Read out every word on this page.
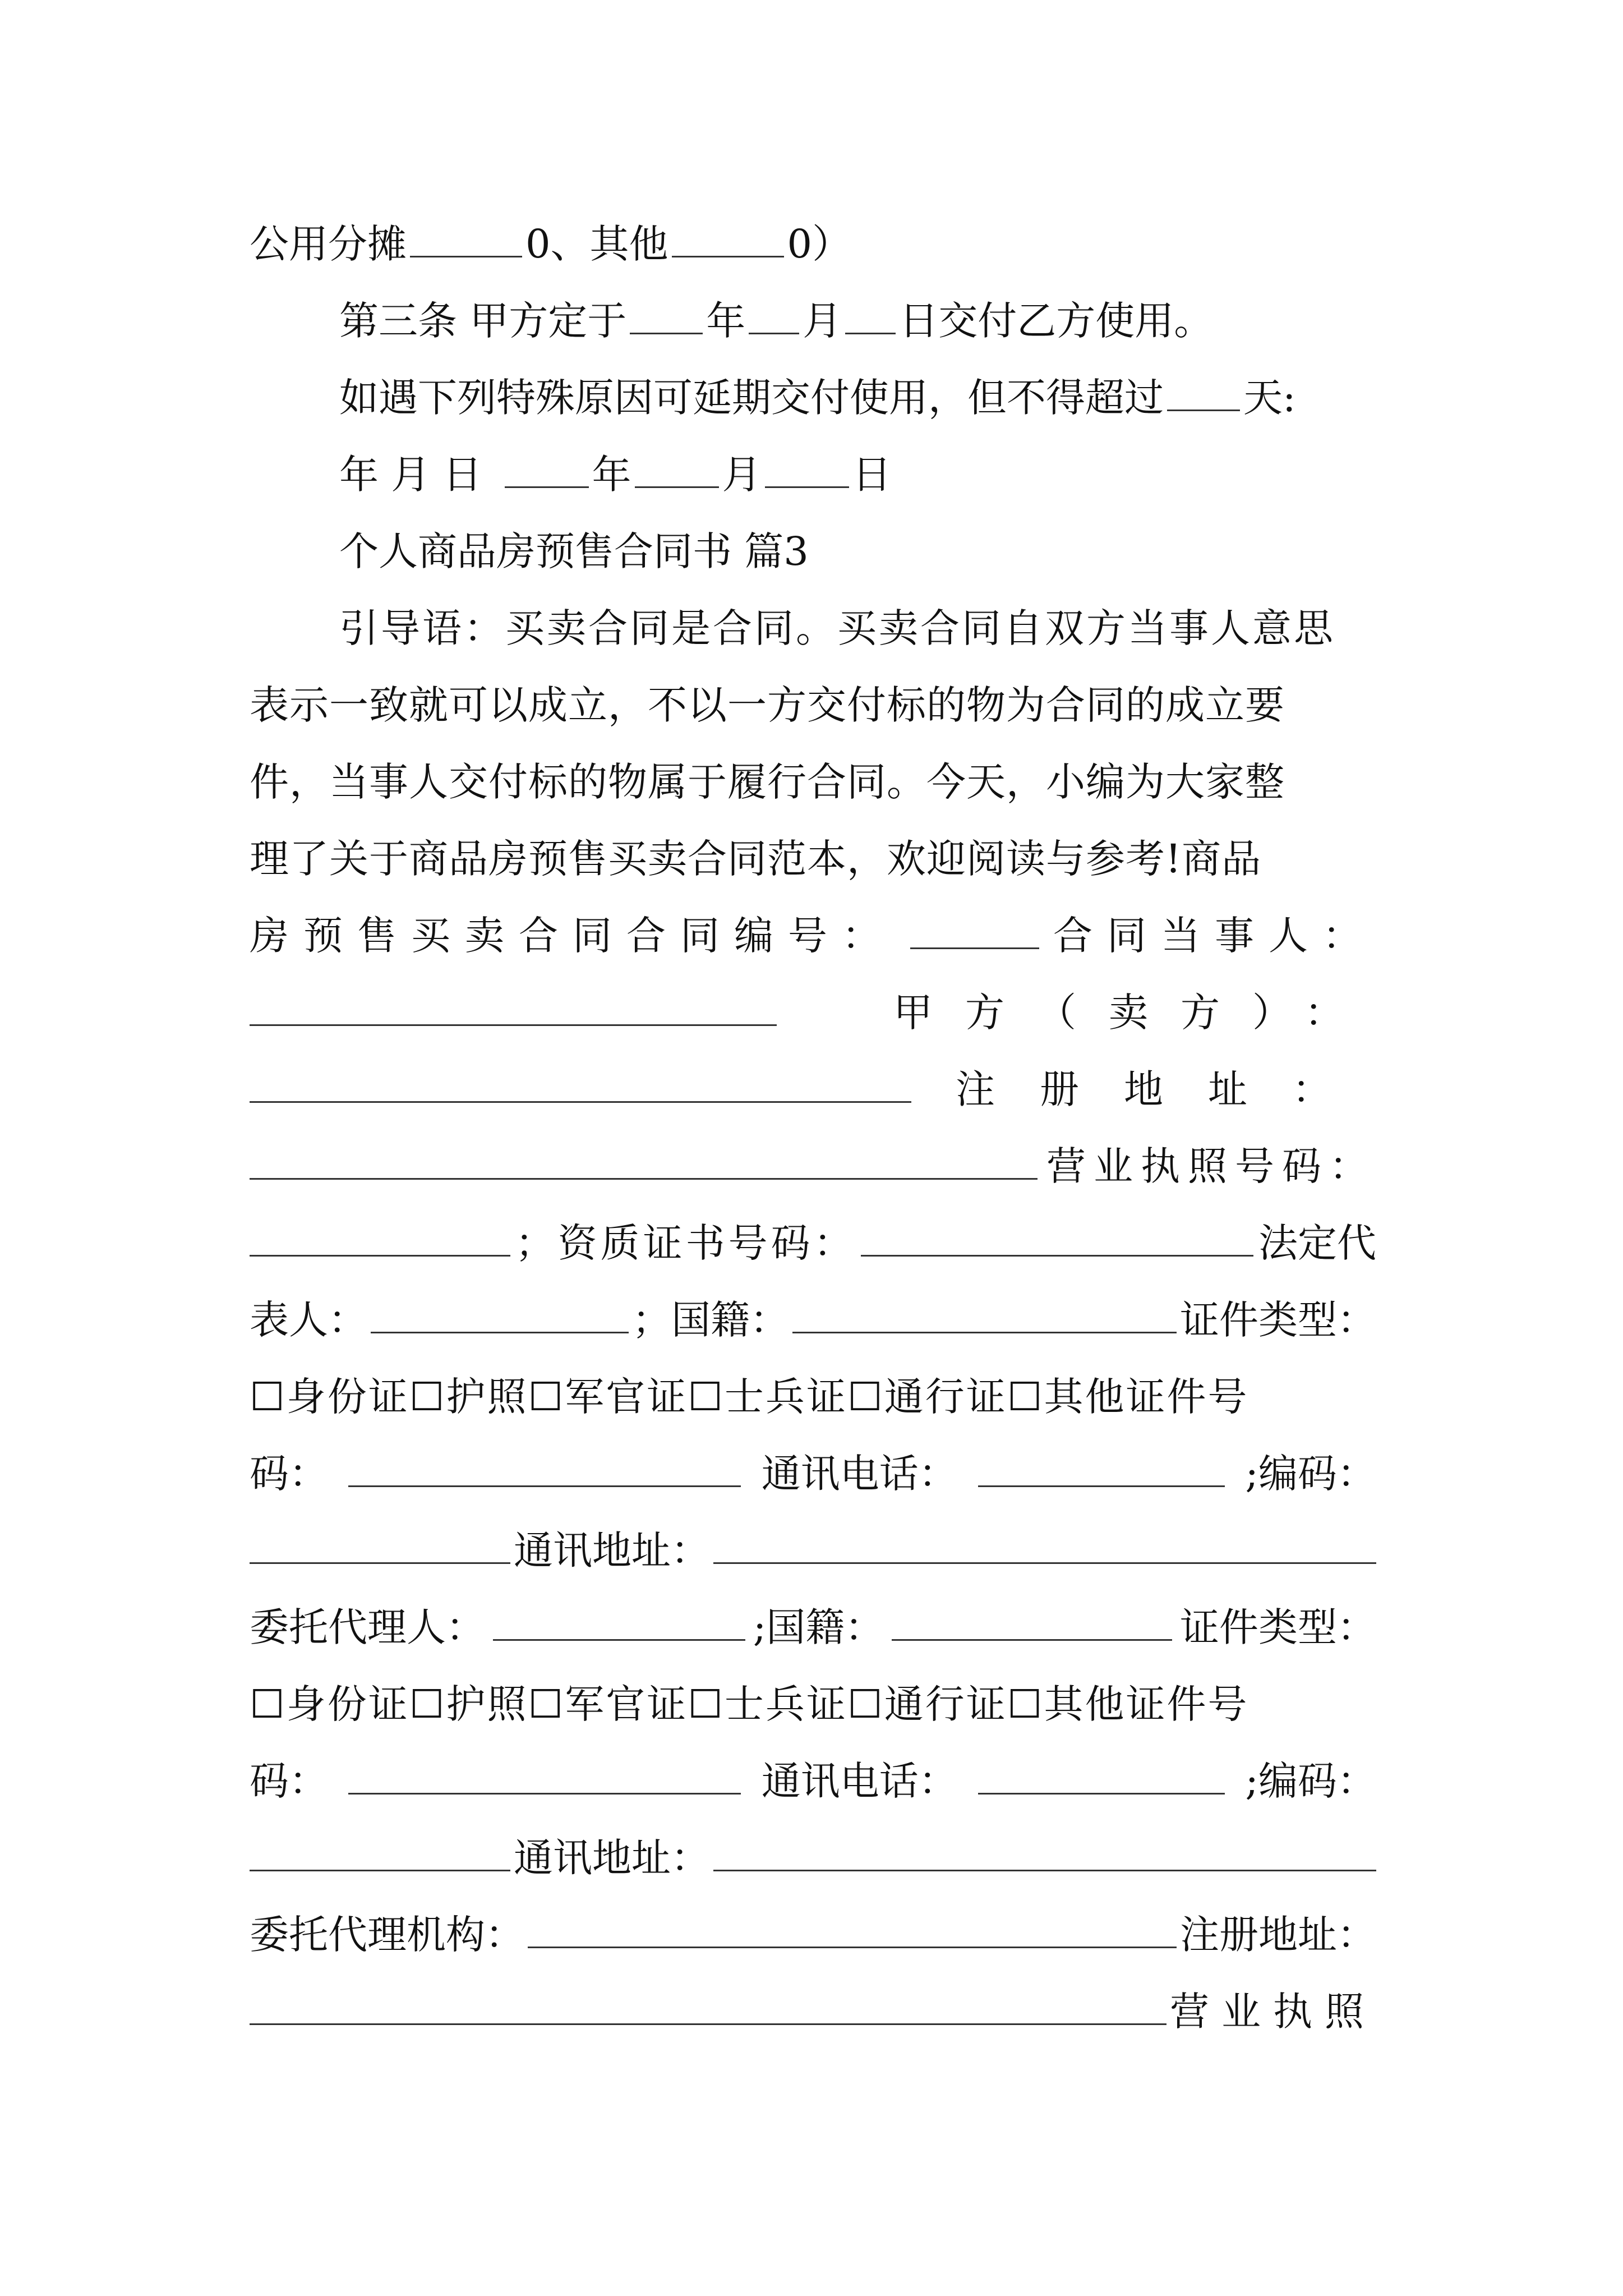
公用分摊	0、其他	0）
第三条 甲方定于 年 月 日交付乙方使用。
如遇下列特殊原因可延期交付使用，但不得超过 天:
年 月 日	年 月 日
个人商品房预售合同书 篇3
引导语：买卖合同是合同。买卖合同自双方当事人意思
表示一致就可以成立，不以一方交付标的物为合同的成立要
件，当事人交付标的物属于履行合同。今天，小编为大家整
理了关于商品房预售买卖合同范本，欢迎阅读与参考!商品
房预售买卖合同合同编号：	合同当事人：
甲方（卖方）：
注册地址：
营业执照号码：
；资质证书号码：	法定代
表人：	；国籍：	证件类型：
☐身份证☐护照☐军官证☐士兵证☐通行证☐其他证件号
码：	通讯电话：	;编码：
通讯地址：
委托代理人：	;国籍：	证件类型：
☐身份证☐护照☐军官证☐士兵证☐通行证☐其他证件号
码：	通讯电话：	;编码：
通讯地址：
委托代理机构：	注册地址：
营业执照
